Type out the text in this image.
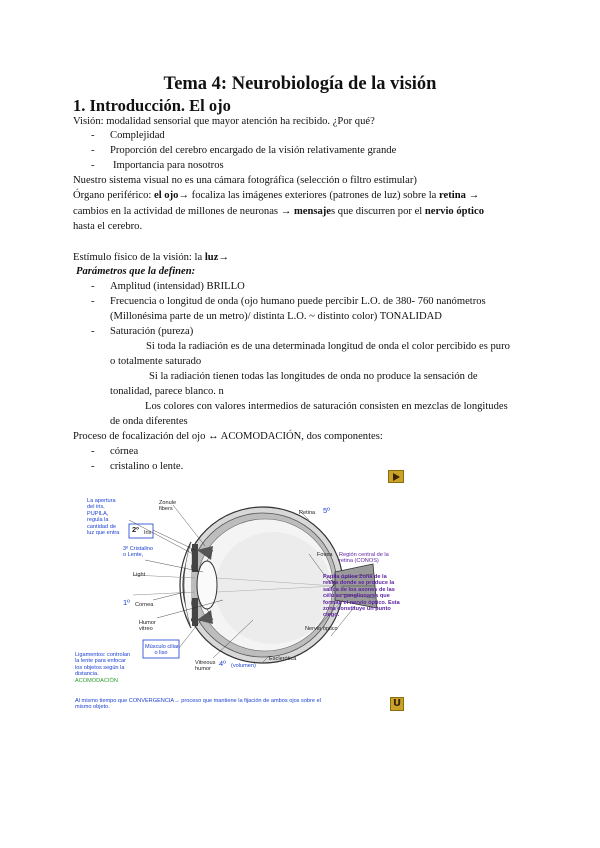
Tema 4: Neurobiología de la visión
1. Introducción. El ojo
Visión: modalidad sensorial que mayor atención ha recibido. ¿Por qué?
- Complejidad
- Proporción del cerebro encargado de la visión relativamente grande
- Importancia para nosotros
Nuestro sistema visual no es una cámara fotográfica (selección o filtro estimular)
Órgano periférico: el ojo→ focaliza las imágenes exteriores (patrones de luz) sobre la retina →
cambios en la actividad de millones de neuronas → mensajes que discurren por el nervio óptico
hasta el cerebro.
Estímulo físico de la visión: la luz→
Parámetros que la definen:
- Amplitud (intensidad) BRILLO
- Frecuencia o longitud de onda (ojo humano puede percibir L.O. de 380- 760 nanómetros
(Millonésima parte de un metro)/ distinta L.O. ~ distinto color) TONALIDAD
- Saturación (pureza)
Si toda la radiación es de una determinada longitud de onda el color percibido es puro
o totalmente saturado
Si la radiación tienen todas las longitudes de onda no produce la sensación de
tonalidad, parece blanco. n
Los colores con valores intermedios de saturación consisten en mezclas de longitudes
de onda diferentes
Proceso de focalización del ojo ↔ ACOMODACIÓN, dos componentes:
- córnea
- cristalino o lente.
U
La apertura
del iris,
PUPILA,
regula la
cantidad de
luz que entra 2º Iris
3º Cristalino
o Lente,
Light
1º Cornea
Humor
vitreo
Zonule
fibers
Retina 5º
Fovea Región central de la
retina (CONOS)
Papila óptica Zona de la
retina donde se produce la
salida de los axones de las
células ganglionares que
forman el nervio óptico. Esta
zona constituye un punto
ciego.
Nervio óptico
Músculo ciliar
o liso
Vitreous
humor
4º (volumen)
Esclerótica
Ligamentos: controlan
la lente para enfocar
los objetos según la
distancia.
ACOMODACIÓN
Al mismo tiempo que CONVERGENCIA→ proceso que mantiene la fijación de ambos ojos sobre el
mismo objeto.
